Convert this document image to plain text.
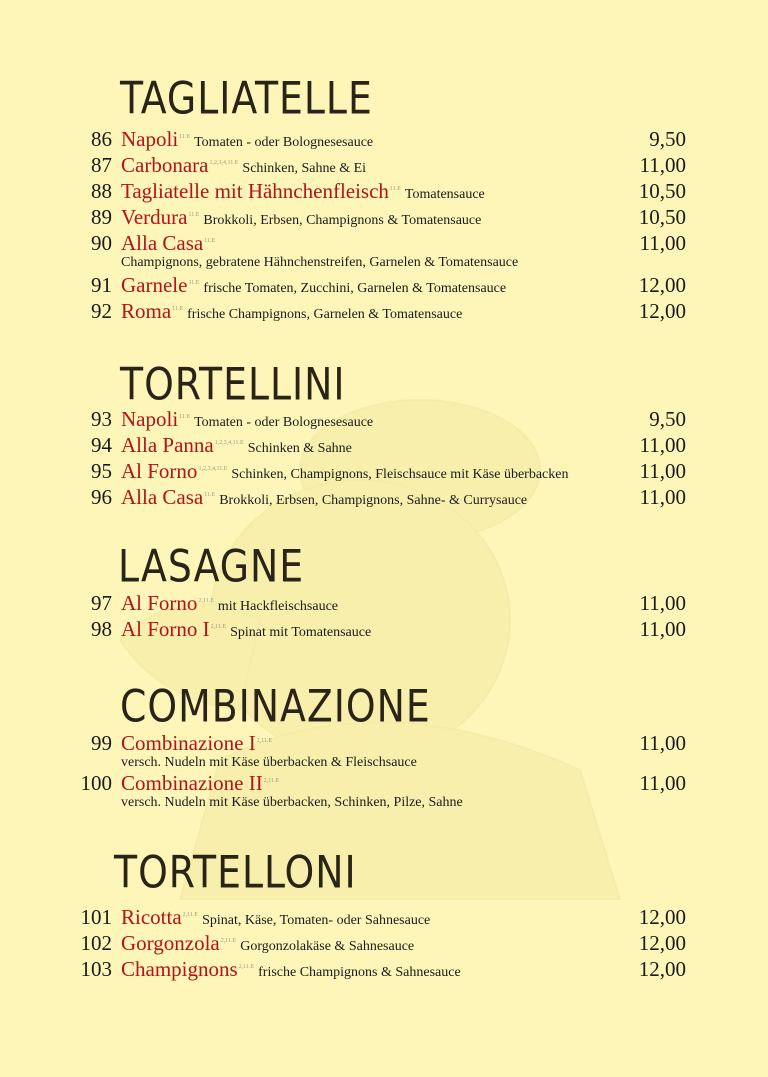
TAGLIATELLE
86 Napoli$^{11.E}$ Tomaten - oder Bolognesesauce	9,50
87 Carbonara$^{1,2,3,4,11.E}$ Schinken, Sahne & Ei	11,00
88 Tagliatelle mit Hähnchenfleisch$^{11.E}$ Tomatensauce	10,50
89 Verdura$^{11.E}$ Brokkoli, Erbsen, Champignons & Tomatensauce	10,50
90 Alla Casa$^{11.E}$	11,00
Champignons, gebratene Hähnchenstreifen, Garnelen & Tomatensauce
91 Garnele$^{11.E}$ frische Tomaten, Zucchini, Garnelen & Tomatensauce	12,00
92 Roma$^{11.E}$ frische Champignons, Garnelen & Tomatensauce	12,00
TORTELLINI
93 Napoli$^{11.E}$ Tomaten - oder Bolognesesauce	9,50
94 Alla Panna$^{1,2,3,4,11.E}$ Schinken & Sahne	11,00
95 Al Forno$^{1,2,3,4,11.E}$ Schinken, Champignons, Fleischsauce mit Käse überbacken	11,00
96 Alla Casa$^{11.E}$ Brokkoli, Erbsen, Champignons, Sahne- & Currysauce	11,00
LASAGNE
97 Al Forno$^{2,11.E}$ mit Hackfleischsauce	11,00
98 Al Forno $I^{2,11.E}$ Spinat mit Tomatensauce	11,00
COMBINAZIONE
99 Combinazione $I^{2,11.E}$	11,00
versch. Nudeln mit Käse überbacken & Fleischsauce
100 Combinazione $II^{2,11.E}$	11,00
versch. Nudeln mit Käse überbacken, Schinken, Pilze, Sahne
TORTELLONI
101 Ricotta$^{2,11.E}$ Spinat, Käse, Tomaten- oder Sahnesauce	12,00
102 Gorgonzola$^{2,11.E}$ Gorgonzolakäse & Sahnesauce	12,00
103 Champignons$^{2,11.E}$ frische Champignons & Sahnesauce	12,00
